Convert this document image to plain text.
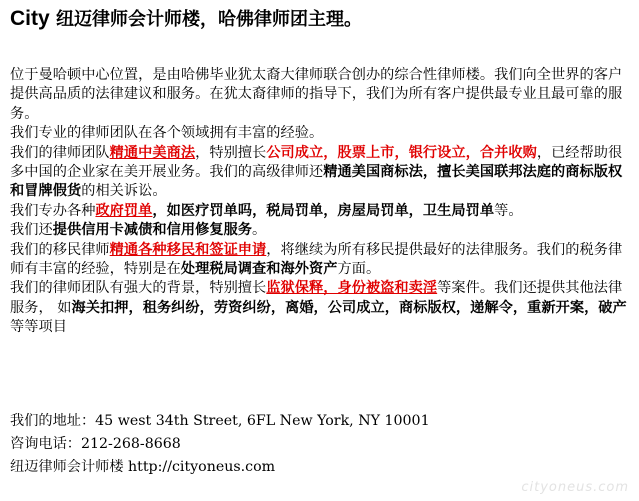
City 纽迈律师会计师楼，哈佛律师团主理。

位于曼哈顿中心位置，是由哈佛毕业犹太裔大律师联合创办的综合性律师楼。我们向全世界的客户提供高品质的法律建议和服务。在犹太裔律师的指导下，我们为所有客户提供最专业且最可靠的服务。

我们专业的律师团队在各个领域拥有丰富的经验。

我们的律师团队精通中美商法，特别擅长公司成立，股票上市，银行设立，合并收购，已经帮助很多中国的企业家在美开展业务。我们的高级律师还精通美国商标法，擅长美国联邦法庭的商标版权和冒牌假货的相关诉讼。

我们专办各种政府罚单，如医疗罚单吗，税局罚单，房屋局罚单，卫生局罚单等。

我们还提供信用卡减债和信用修复服务。

我们的移民律师精通各种移民和签证申请，将继续为所有移民提供最好的法律服务。我们的税务律师有丰富的经验，特别是在处理税局调查和海外资产方面。

我们的律师团队有强大的背景，特别擅长监狱保释，身份被盗和卖淫等案件。我们还提供其他法律服务， 如海关扣押，租务纠纷，劳资纠纷，离婚，公司成立，商标版权，递解令，重新开案，破产等等项目

我们的地址：45 west 34th Street, 6FL New York, NY 10001

咨询电话：212-268-8668

纽迈律师会计师楼 http://cityoneus.com

cityoneus.com
